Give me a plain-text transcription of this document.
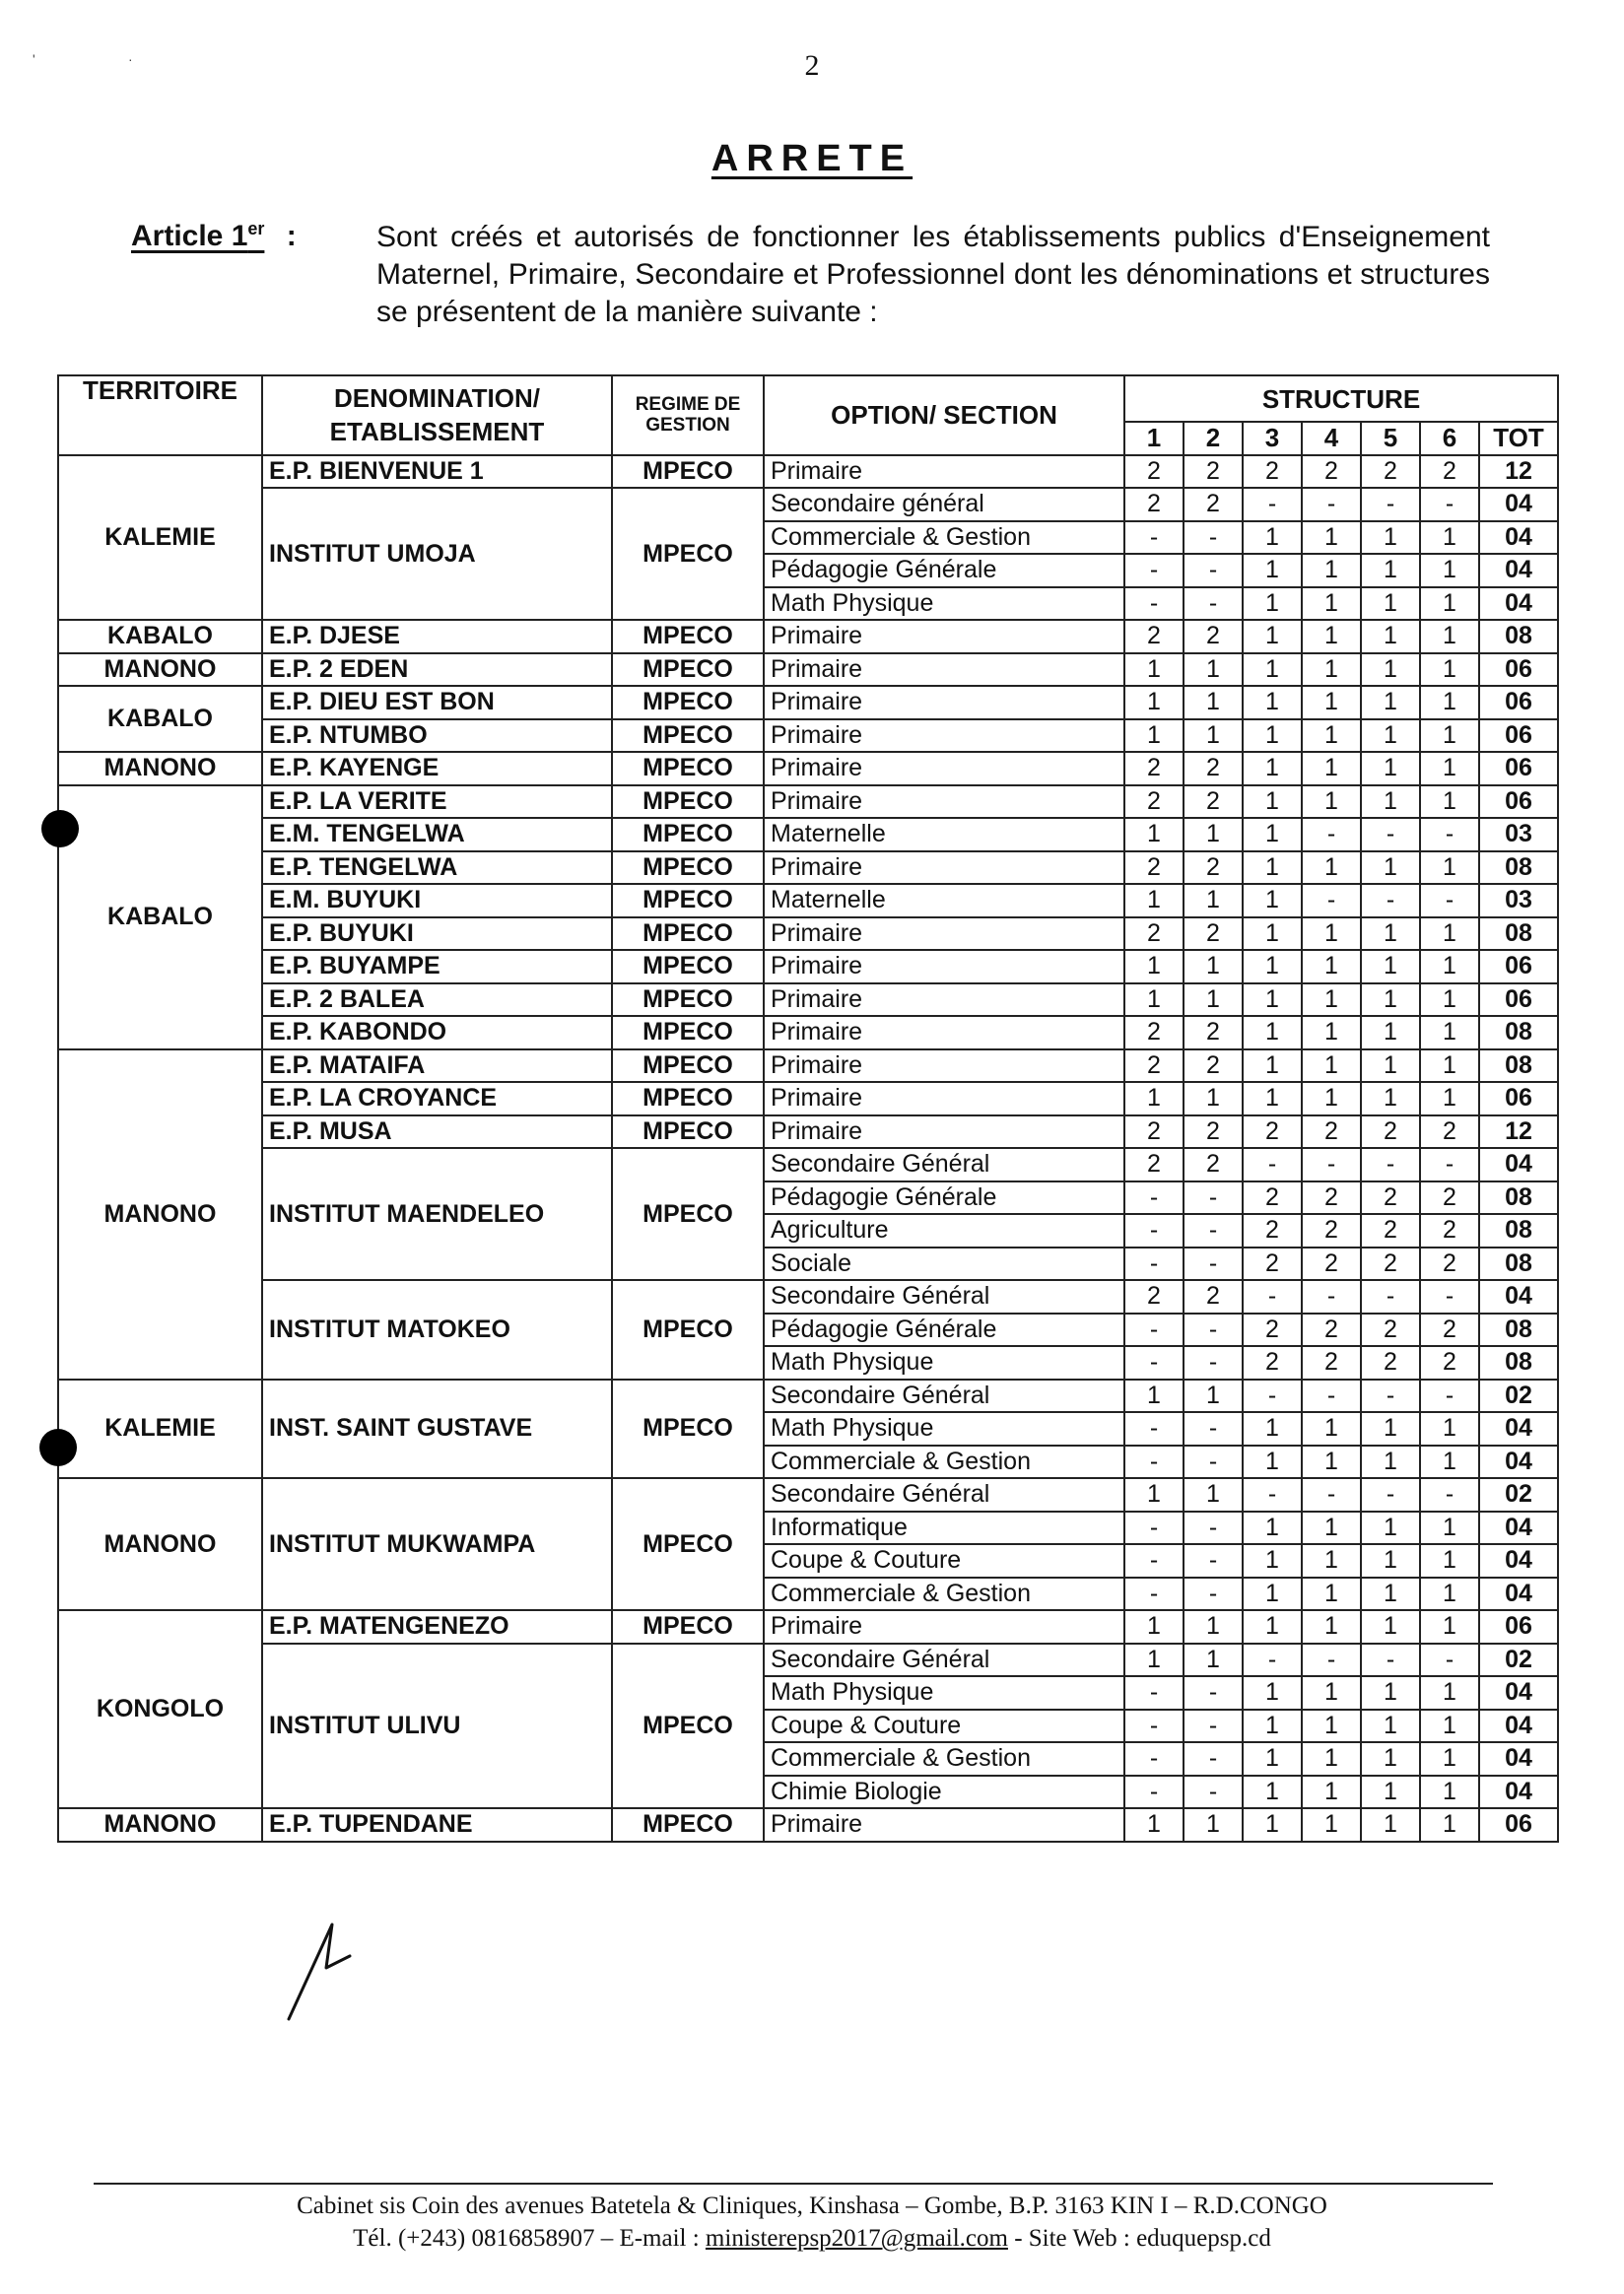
'	·	2
ARRETE
Article 1er :	Sont créés et autorisés de fonctionner les établissements publics d'Enseignement Maternel, Primaire, Secondaire et Professionnel dont les dénominations et structures se présentent de la manière suivante :
TERRITOIRE	DENOMINATION/ ETABLISSEMENT	REGIME DE GESTION	OPTION/ SECTION	STRUCTURE						
				1	2	3	4	5	6	TOT
KALEMIE	E.P. BIENVENUE 1	MPECO	Primaire	2	2	2	2	2	2	12
	INSTITUT UMOJA	MPECO	Secondaire général	2	2	-	-	-	-	04
			Commerciale & Gestion	-	-	1	1	1	1	04
			Pédagogie Générale	-	-	1	1	1	1	04
			Math Physique	-	-	1	1	1	1	04
KABALO	E.P. DJESE	MPECO	Primaire	2	2	1	1	1	1	08
MANONO	E.P. 2 EDEN	MPECO	Primaire	1	1	1	1	1	1	06
KABALO	E.P. DIEU EST BON	MPECO	Primaire	1	1	1	1	1	1	06
	E.P. NTUMBO	MPECO	Primaire	1	1	1	1	1	1	06
MANONO	E.P. KAYENGE	MPECO	Primaire	2	2	1	1	1	1	06
KABALO	E.P. LA VERITE	MPECO	Primaire	2	2	1	1	1	1	06
	E.M. TENGELWA	MPECO	Maternelle	1	1	1	-	-	-	03
	E.P. TENGELWA	MPECO	Primaire	2	2	1	1	1	1	08
	E.M. BUYUKI	MPECO	Maternelle	1	1	1	-	-	-	03
	E.P. BUYUKI	MPECO	Primaire	2	2	1	1	1	1	08
	E.P. BUYAMPE	MPECO	Primaire	1	1	1	1	1	1	06
	E.P. 2 BALEA	MPECO	Primaire	1	1	1	1	1	1	06
	E.P. KABONDO	MPECO	Primaire	2	2	1	1	1	1	08
MANONO	E.P. MATAIFA	MPECO	Primaire	2	2	1	1	1	1	08
	E.P. LA CROYANCE	MPECO	Primaire	1	1	1	1	1	1	06
	E.P. MUSA	MPECO	Primaire	2	2	2	2	2	2	12
	INSTITUT MAENDELEO	MPECO	Secondaire Général	2	2	-	-	-	-	04
			Pédagogie Générale	-	-	2	2	2	2	08
			Agriculture	-	-	2	2	2	2	08
			Sociale	-	-	2	2	2	2	08
	INSTITUT MATOKEO	MPECO	Secondaire Général	2	2	-	-	-	-	04
			Pédagogie Générale	-	-	2	2	2	2	08
			Math Physique	-	-	2	2	2	2	08
KALEMIE	INST. SAINT GUSTAVE	MPECO	Secondaire Général	1	1	-	-	-	-	02
			Math Physique	-	-	1	1	1	1	04
			Commerciale & Gestion	-	-	1	1	1	1	04
MANONO	INSTITUT MUKWAMPA	MPECO	Secondaire Général	1	1	-	-	-	-	02
			Informatique	-	-	1	1	1	1	04
			Coupe & Couture	-	-	1	1	1	1	04
			Commerciale & Gestion	-	-	1	1	1	1	04
KONGOLO	E.P. MATENGENEZO	MPECO	Primaire	1	1	1	1	1	1	06
	INSTITUT ULIVU	MPECO	Secondaire Général	1	1	-	-	-	-	02
			Math Physique	-	-	1	1	1	1	04
			Coupe & Couture	-	-	1	1	1	1	04
			Commerciale & Gestion	-	-	1	1	1	1	04
			Chimie Biologie	-	-	1	1	1	1	04
MANONO	E.P. TUPENDANE	MPECO	Primaire	1	1	1	1	1	1	06
Cabinet sis Coin des avenues Batetela & Cliniques, Kinshasa – Gombe, B.P. 3163 KIN I – R.D.CONGO
Tél. (+243) 0816858907 – E-mail : ministerepsp2017@gmail.com - Site Web : eduquepsp.cd
